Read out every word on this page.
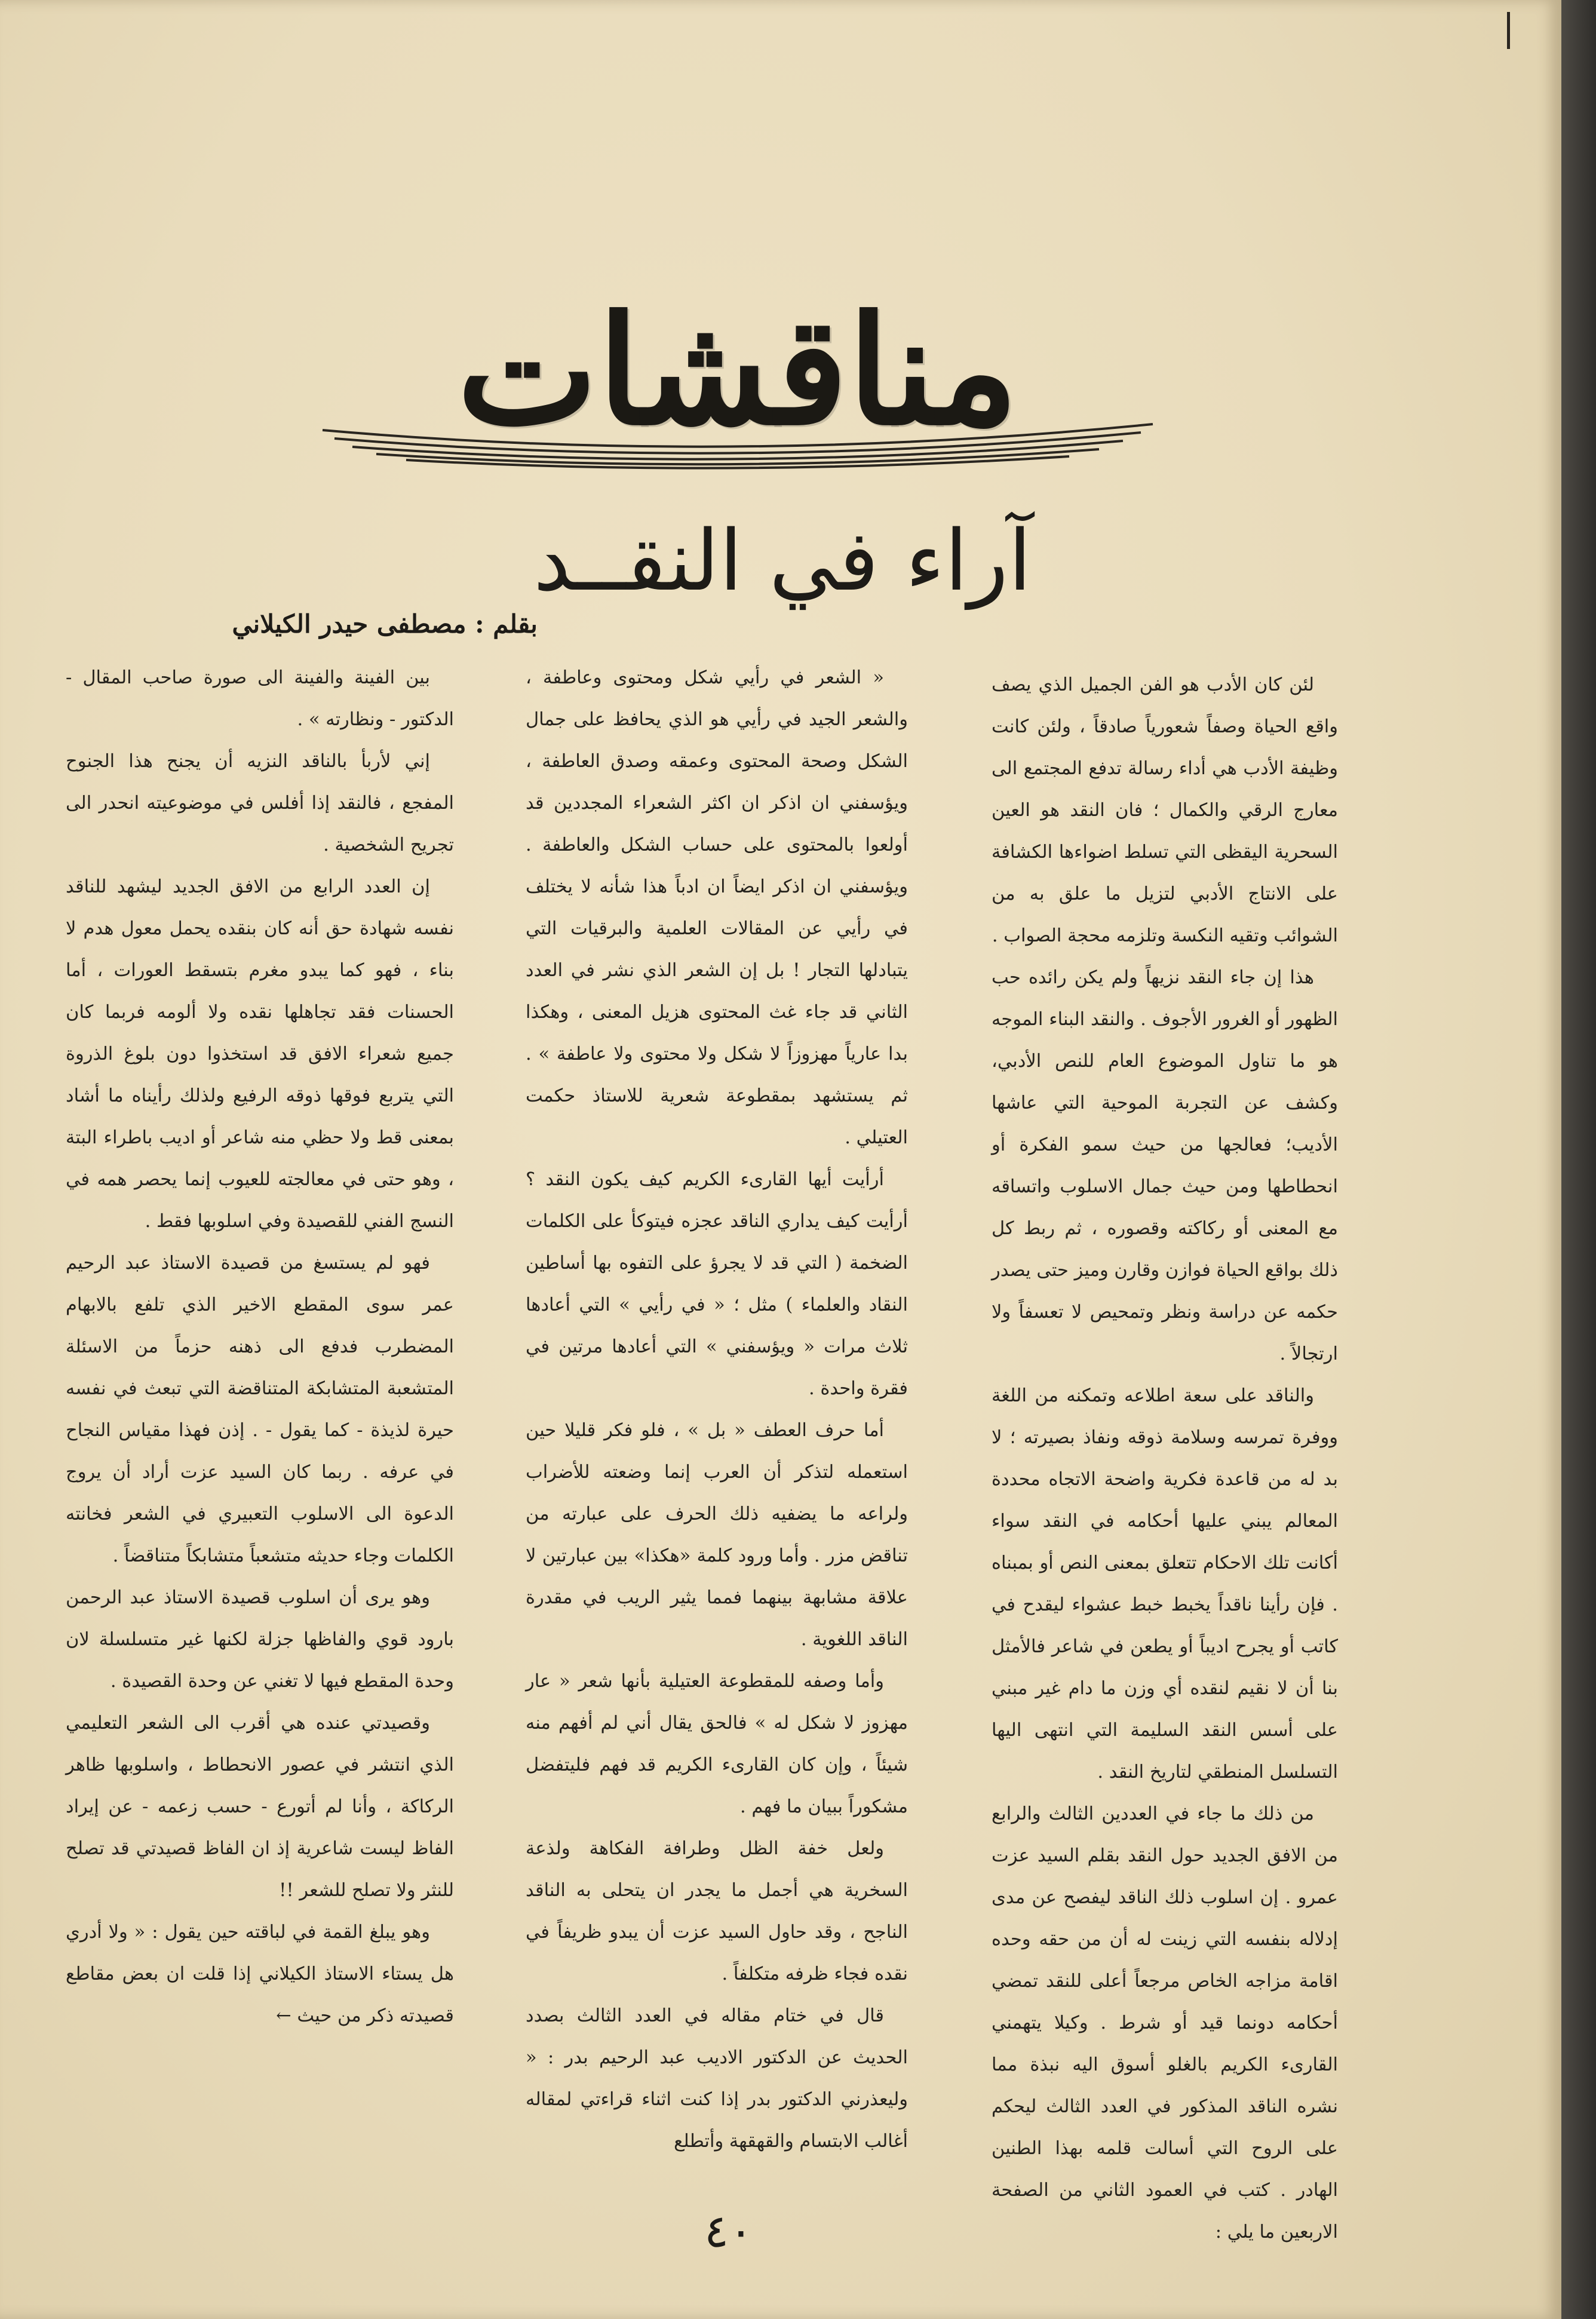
مناقشات
آراء في النقــد
بقلم : مصطفى حيدر الكيلاني

لئن كان الأدب هو الفن الجميل الذي يصف واقع الحياة وصفاً شعورياً صادقاً ، ولئن كانت وظيفة الأدب هي أداء رسالة تدفع المجتمع الى معارج الرقي والكمال ؛ فان النقد هو العين السحرية اليقظى التي تسلط اضواءها الكشافة على الانتاج الأدبي لتزيل ما علق به من الشوائب وتقيه النكسة وتلزمه محجة الصواب .

هذا إن جاء النقد نزيهاً ولم يكن رائده حب الظهور أو الغرور الأجوف . والنقد البناء الموجه هو ما تناول الموضوع العام للنص الأدبي، وكشف عن التجربة الموحية التي عاشها الأديب؛ فعالجها من حيث سمو الفكرة أو انحطاطها ومن حيث جمال الاسلوب واتساقه مع المعنى أو ركاكته وقصوره ، ثم ربط كل ذلك بواقع الحياة فوازن وقارن وميز حتى يصدر حكمه عن دراسة ونظر وتمحيص لا تعسفاً ولا ارتجالاً .

والناقد على سعة اطلاعه وتمكنه من اللغة ووفرة تمرسه وسلامة ذوقه ونفاذ بصيرته ؛ لا بد له من قاعدة فكرية واضحة الاتجاه محددة المعالم يبني عليها أحكامه في النقد سواء أكانت تلك الاحكام تتعلق بمعنى النص أو بمبناه . فإن رأينا ناقداً يخبط خبط عشواء ليقدح في كاتب أو يجرح اديباً أو يطعن في شاعر فالأمثل بنا أن لا نقيم لنقده أي وزن ما دام غير مبني على أسس النقد السليمة التي انتهى اليها التسلسل المنطقي لتاريخ النقد .

من ذلك ما جاء في العددين الثالث والرابع من الافق الجديد حول النقد بقلم السيد عزت عمرو . إن اسلوب ذلك الناقد ليفصح عن مدى إدلاله بنفسه التي زينت له أن من حقه وحده اقامة مزاجه الخاص مرجعاً أعلى للنقد تمضي أحكامه دونما قيد أو شرط . وكيلا يتهمني القارىء الكريم بالغلو أسوق اليه نبذة مما نشره الناقد المذكور في العدد الثالث ليحكم على الروح التي أسالت قلمه بهذا الطنين الهادر . كتب في العمود الثاني من الصفحة الاربعين ما يلي :

« الشعر في رأيي شكل ومحتوى وعاطفة ، والشعر الجيد في رأيي هو الذي يحافظ على جمال الشكل وصحة المحتوى وعمقه وصدق العاطفة ، ويؤسفني ان اذكر ان اكثر الشعراء المجددين قد أولعوا بالمحتوى على حساب الشكل والعاطفة . ويؤسفني ان اذكر ايضاً ان ادباً هذا شأنه لا يختلف في رأيي عن المقالات العلمية والبرقيات التي يتبادلها التجار ! بل إن الشعر الذي نشر في العدد الثاني قد جاء غث المحتوى هزيل المعنى ، وهكذا بدا عارياً مهزوزاً لا شكل ولا محتوى ولا عاطفة » . ثم يستشهد بمقطوعة شعرية للاستاذ حكمت العتيلي .

أرأيت أيها القارىء الكريم كيف يكون النقد ؟ أرأيت كيف يداري الناقد عجزه فيتوكأ على الكلمات الضخمة ( التي قد لا يجرؤ على التفوه بها أساطين النقاد والعلماء ) مثل ؛ « في رأيي » التي أعادها ثلاث مرات « ويؤسفني » التي أعادها مرتين في فقرة واحدة .

أما حرف العطف « بل » ، فلو فكر قليلا حين استعمله لتذكر أن العرب إنما وضعته للأضراب ولراعه ما يضفيه ذلك الحرف على عبارته من تناقض مزر . وأما ورود كلمة «هكذا» بين عبارتين لا علاقة مشابهة بينهما فمما يثير الريب في مقدرة الناقد اللغوية .

وأما وصفه للمقطوعة العتيلية بأنها شعر « عار مهزوز لا شكل له » فالحق يقال أني لم أفهم منه شيئاً ، وإن كان القارىء الكريم قد فهم فليتفضل مشكوراً ببيان ما فهم .

ولعل خفة الظل وطرافة الفكاهة ولذعة السخرية هي أجمل ما يجدر ان يتحلى به الناقد الناجح ، وقد حاول السيد عزت أن يبدو ظريفاً في نقده فجاء ظرفه متكلفاً .

قال في ختام مقاله في العدد الثالث بصدد الحديث عن الدكتور الاديب عبد الرحيم بدر : « وليعذرني الدكتور بدر إذا كنت اثناء قراءتي لمقاله أغالب الابتسام والقهقهة وأتطلع

بين الفينة والفينة الى صورة صاحب المقال - الدكتور - ونظارته » .

إني لأربأ بالناقد النزيه أن يجنح هذا الجنوح المفجع ، فالنقد إذا أفلس في موضوعيته انحدر الى تجريح الشخصية .

إن العدد الرابع من الافق الجديد ليشهد للناقد نفسه شهادة حق أنه كان بنقده يحمل معول هدم لا بناء ، فهو كما يبدو مغرم بتسقط العورات ، أما الحسنات فقد تجاهلها نقده ولا ألومه فربما كان جميع شعراء الافق قد استخذوا دون بلوغ الذروة التي يتربع فوقها ذوقه الرفيع ولذلك رأيناه ما أشاد بمعنى قط ولا حظي منه شاعر أو اديب باطراء البتة ، وهو حتى في معالجته للعيوب إنما يحصر همه في النسج الفني للقصيدة وفي اسلوبها فقط .

فهو لم يستسغ من قصيدة الاستاذ عبد الرحيم عمر سوى المقطع الاخير الذي تلفع بالابهام المضطرب فدفع الى ذهنه حزماً من الاسئلة المتشعبة المتشابكة المتناقضة التي تبعث في نفسه حيرة لذيذة - كما يقول - . إذن فهذا مقياس النجاح في عرفه . ربما كان السيد عزت أراد أن يروج الدعوة الى الاسلوب التعبيري في الشعر فخانته الكلمات وجاء حديثه متشعباً متشابكاً متناقضاً .

وهو يرى أن اسلوب قصيدة الاستاذ عبد الرحمن بارود قوي والفاظها جزلة لكنها غير متسلسلة لان وحدة المقطع فيها لا تغني عن وحدة القصيدة .

وقصيدتي عنده هي أقرب الى الشعر التعليمي الذي انتشر في عصور الانحطاط ، واسلوبها ظاهر الركاكة ، وأنا لم أتورع - حسب زعمه - عن إيراد الفاظ ليست شاعرية إذ ان الفاظ قصيدتي قد تصلح للنثر ولا تصلح للشعر !!

وهو يبلغ القمة في لباقته حين يقول : « ولا أدري هل يستاء الاستاذ الكيلاني إذا قلت ان بعض مقاطع قصيدته ذكر من حيث ←

٤٠
